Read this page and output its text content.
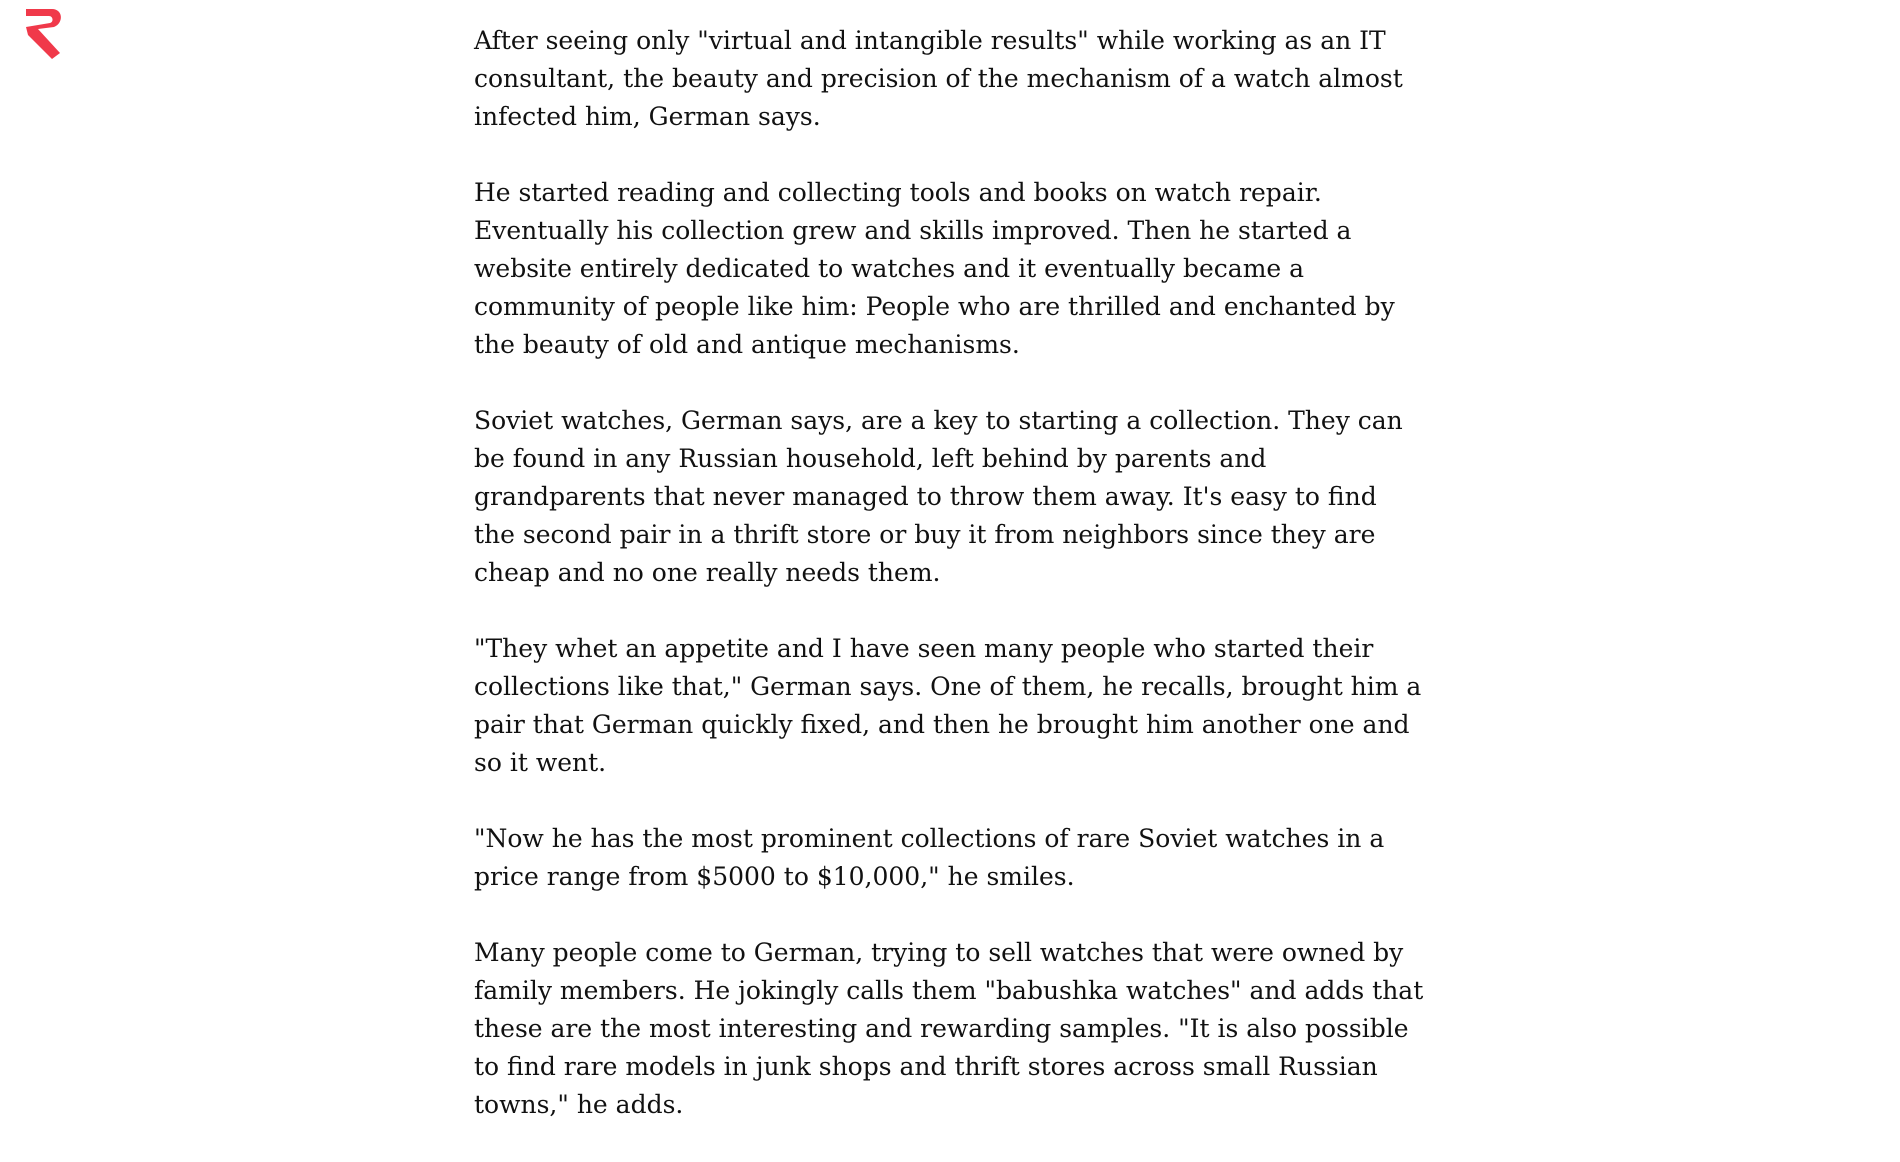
After seeing only "virtual and intangible results" while working as an IT consultant, the beauty and precision of the mechanism of a watch almost infected him, German says.

He started reading and collecting tools and books on watch repair. Eventually his collection grew and skills improved. Then he started a website entirely dedicated to watches and it eventually became a community of people like him: People who are thrilled and enchanted by the beauty of old and antique mechanisms.

Soviet watches, German says, are a key to starting a collection. They can be found in any Russian household, left behind by parents and grandparents that never managed to throw them away. It's easy to find the second pair in a thrift store or buy it from neighbors since they are cheap and no one really needs them.

"They whet an appetite and I have seen many people who started their collections like that," German says. One of them, he recalls, brought him a pair that German quickly fixed, and then he brought him another one and so it went.

"Now he has the most prominent collections of rare Soviet watches in a price range from $5000 to $10,000," he smiles.

Many people come to German, trying to sell watches that were owned by family members. He jokingly calls them "babushka watches" and adds that these are the most interesting and rewarding samples. "It is also possible to find rare models in junk shops and thrift stores across small Russian towns," he adds.
